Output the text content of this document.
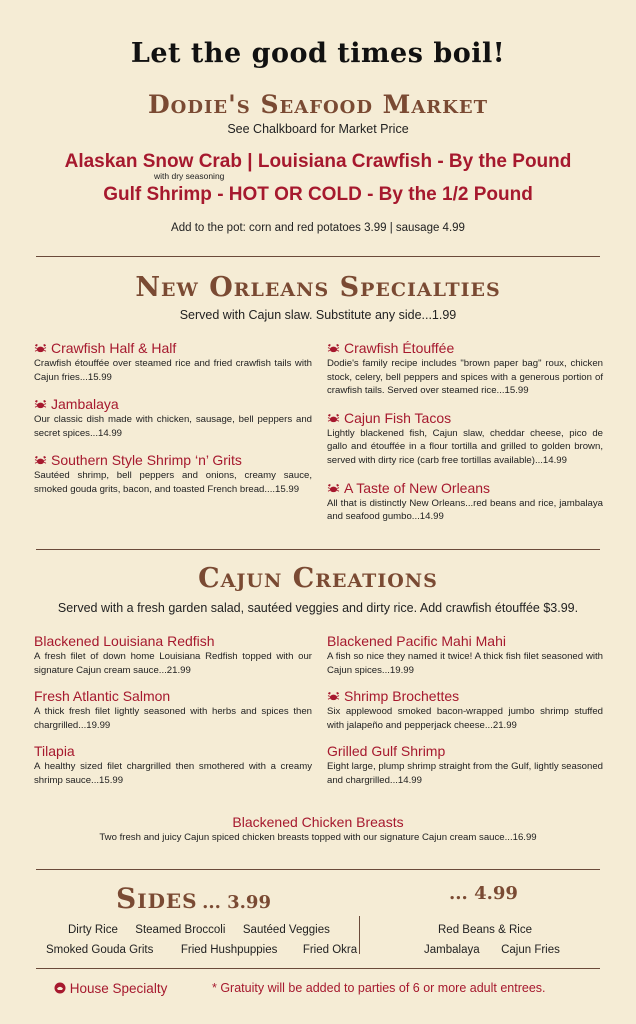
Let the good times boil!
Dodie's Seafood Market
See Chalkboard for Market Price
Alaskan Snow Crab | Louisiana Crawfish - By the Pound
with dry seasoning
Gulf Shrimp - HOT OR COLD - By the 1/2 Pound
Add to the pot: corn and red potatoes 3.99 | sausage 4.99
New Orleans Specialties
Served with Cajun slaw. Substitute any side...1.99

Crawfish Half & Half

Crawfish étouffée over steamed rice and fried crawfish tails with Cajun fries...15.99

Jambalaya

Our classic dish made with chicken, sausage, bell peppers and secret spices...14.99

Southern Style Shrimp ‘n’ Grits

Sautéed shrimp, bell peppers and onions, creamy sauce, smoked gouda grits, bacon, and toasted French bread....15.99

Crawfish Étouffée

Dodie's family recipe includes "brown paper bag" roux, chicken stock, celery, bell peppers and spices with a generous portion of crawfish tails. Served over steamed rice...15.99

Cajun Fish Tacos

Lightly blackened fish, Cajun slaw, cheddar cheese, pico de gallo and étouffée in a flour tortilla and grilled to golden brown, served with dirty rice (carb free tortillas available)...14.99

A Taste of New Orleans

All that is distinctly New Orleans...red beans and rice, jambalaya and seafood gumbo...14.99

Cajun Creations
Served with a fresh garden salad, sautéed veggies and dirty rice. Add crawfish étouffée $3.99.

Blackened Louisiana Redfish

A fresh filet of down home Louisiana Redfish topped with our signature Cajun cream sauce...21.99

Fresh Atlantic Salmon

A thick fresh filet lightly seasoned with herbs and spices then chargrilled...19.99

Tilapia

A healthy sized filet chargrilled then smothered with a creamy shrimp sauce...15.99

Blackened Pacific Mahi Mahi

A fish so nice they named it twice! A thick fish filet seasoned with Cajun spices...19.99

Shrimp Brochettes

Six applewood smoked bacon-wrapped jumbo shrimp stuffed with jalapeño and pepperjack cheese...21.99

Grilled Gulf Shrimp

Eight large, plump shrimp straight from the Gulf, lightly seasoned and chargrilled...14.99

Blackened Chicken Breasts
Two fresh and juicy Cajun spiced chicken breasts topped with our signature Cajun cream sauce...16.99
Sides ... 3.99	... 4.99
Dirty Rice Steamed Broccoli Sautéed Veggies
Smoked Gouda Grits Fried Hushpuppies Fried Okra
Red Beans & Rice
Jambalaya Cajun Fries
House Specialty	* Gratuity will be added to parties of 6 or more adult entrees.
